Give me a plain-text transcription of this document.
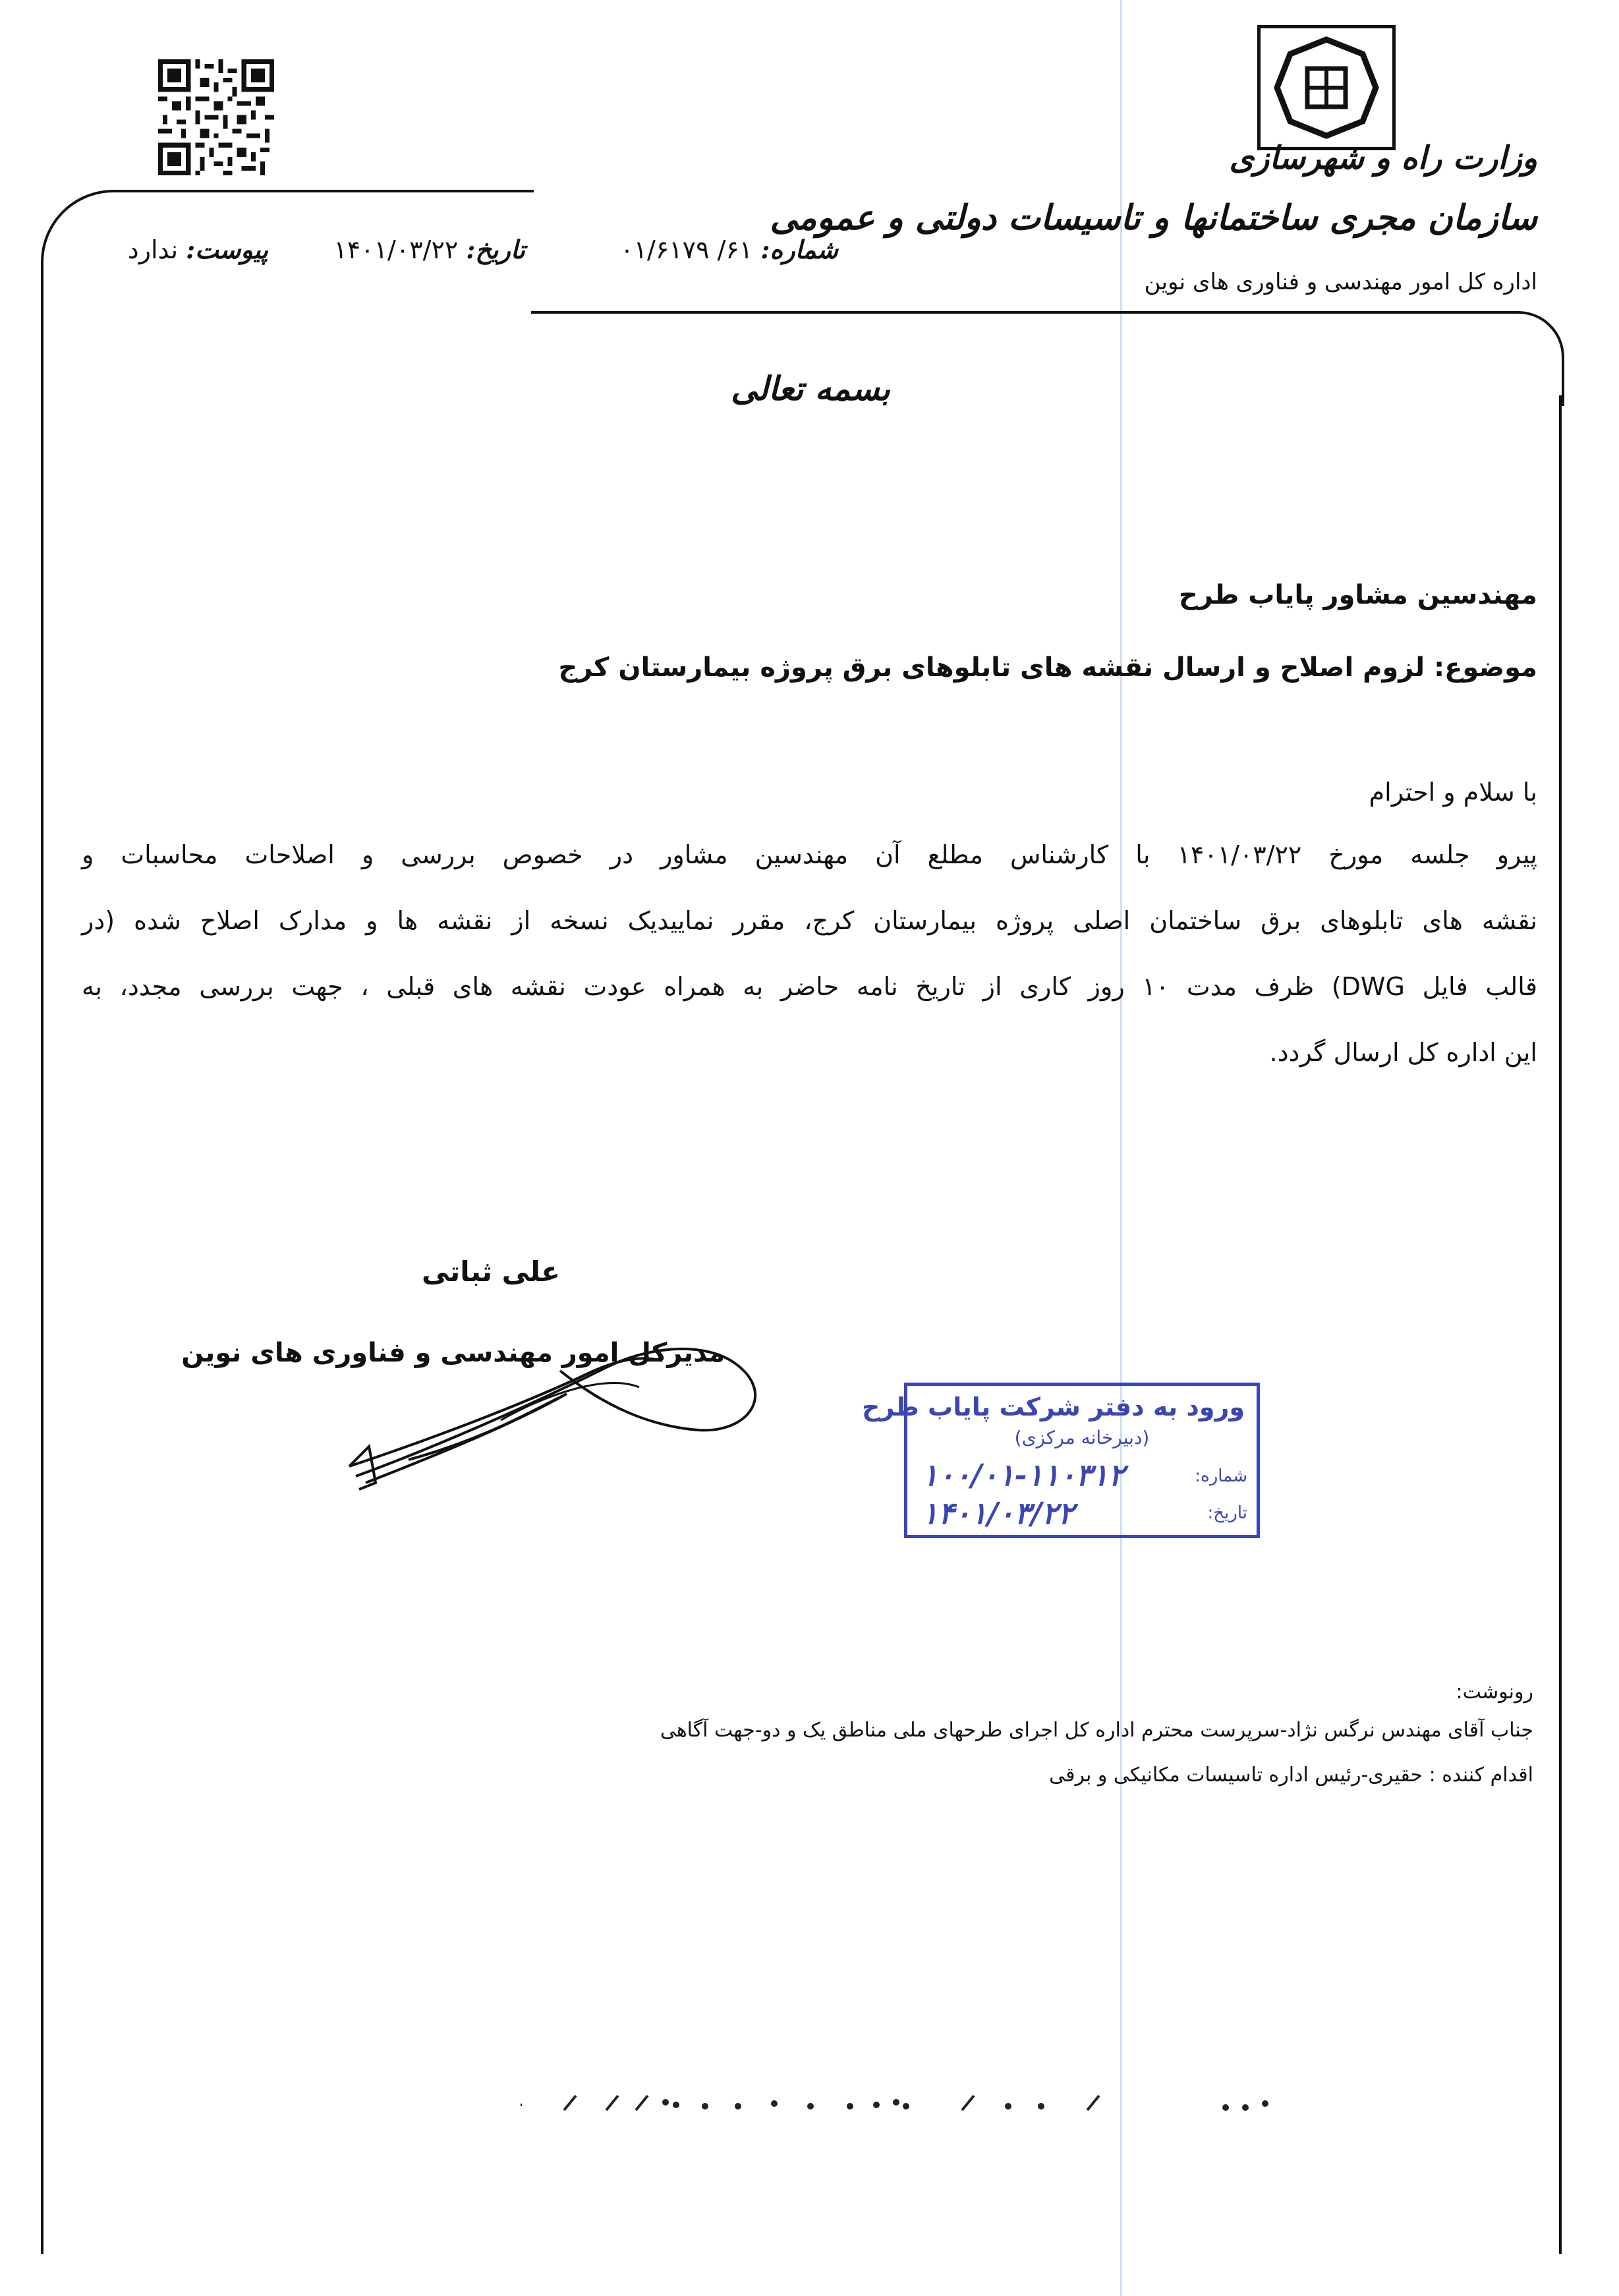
وزارت راه و شهرسازی
سازمان مجری ساختمانها و تاسیسات دولتی و عمومی
اداره کل امور مهندسی و فناوری های نوین
شماره: ۶۱/ ۰۱/۶۱۷۹
تاریخ: ۱۴۰۱/۰۳/۲۲
پیوست: ندارد
بسمه تعالی
مهندسین مشاور پایاب طرح
موضوع: لزوم اصلاح و ارسال نقشه های تابلوهای برق پروژه بیمارستان کرج
با سلام و احترام
پیرو جلسه مورخ ۱۴۰۱/۰۳/۲۲ با کارشناس مطلع آن مهندسین مشاور در خصوص بررسی و اصلاحات محاسبات و
نقشه های تابلوهای برق ساختمان اصلی پروژه بیمارستان کرج، مقرر نمایید‌یک نسخه از نقشه ها و مدارک اصلاح شده (در
قالب فایل DWG) ظرف مدت ۱۰ روز کاری از تاریخ نامه حاضر به همراه عودت نقشه های قبلی ، جهت بررسی مجدد، به
این اداره کل ارسال گردد.
علی ثباتی
مدیرکل امور مهندسی و فناوری های نوین
ورود به دفتر شرکت پایاب طرح
(دبیرخانه مرکزی)
شماره:
۱۰۰/۰۱-۱۱۰۳۱۲
تاریخ:
۱۴۰۱/۰۳/۲۲
رونوشت:
جناب آقای مهندس نرگس نژاد-سرپرست محترم اداره کل اجرای طرحهای ملی مناطق یک و دو-جهت آگاهی
اقدام کننده : حقیری-رئیس اداره تاسیسات مکانیکی و برقی
